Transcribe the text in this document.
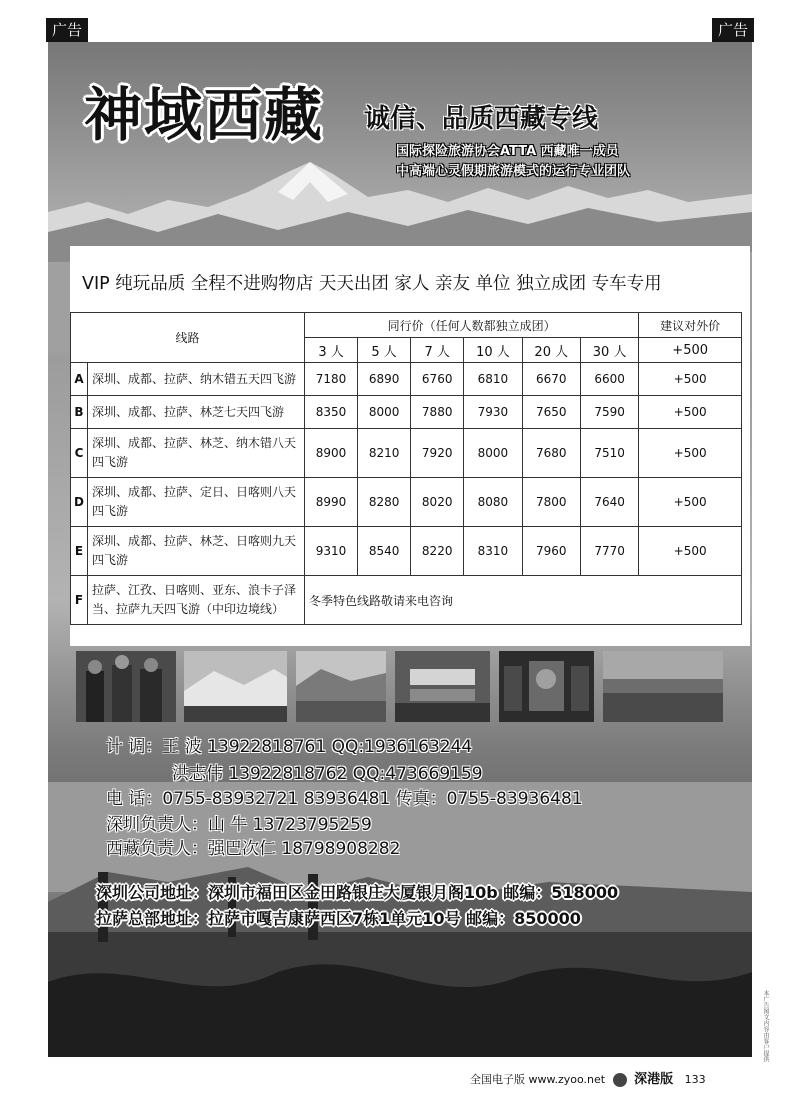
广告	广告
神域西藏 诚信、品质西藏专线
国际探险旅游协会ATTA 西藏唯一成员
中高端心灵假期旅游模式的运行专业团队
VIP 纯玩品质 全程不进购物店 天天出团 家人 亲友 单位 独立成团 专车专用
线路		同行价（任何人数都独立成团）						建议对外价
		3 人	5 人	7 人	10 人	20 人	30 人	+500
A	深圳、成都、拉萨、纳木错五天四飞游	7180	6890	6760	6810	6670	6600	+500
B	深圳、成都、拉萨、林芝七天四飞游	8350	8000	7880	7930	7650	7590	+500
C	深圳、成都、拉萨、林芝、纳木错八天四飞游	8900	8210	7920	8000	7680	7510	+500
D	深圳、成都、拉萨、定日、日喀则八天四飞游	8990	8280	8020	8080	7800	7640	+500
E	深圳、成都、拉萨、林芝、日喀则九天四飞游	9310	8540	8220	8310	7960	7770	+500
F	拉萨、江孜、日喀则、亚东、浪卡子泽当、拉萨九天四飞游（中印边境线）	冬季特色线路敬请来电咨询						
计 调：王 波 13922818761 QQ:1936163244
洪志伟 13922818762 QQ:473669159
电 话：0755-83932721 83936481 传真：0755-83936481
深圳负责人：山 牛 13723795259
西藏负责人：强巴次仁 18798908282
深圳公司地址：深圳市福田区金田路银庄大厦银月阁10b 邮编：518000
拉萨总部地址：拉萨市嘎吉康萨西区7栋1单元10号 邮编：850000
本广告图文内容由客户提供
全国电子版 www.zyoo.net 深港版 133
